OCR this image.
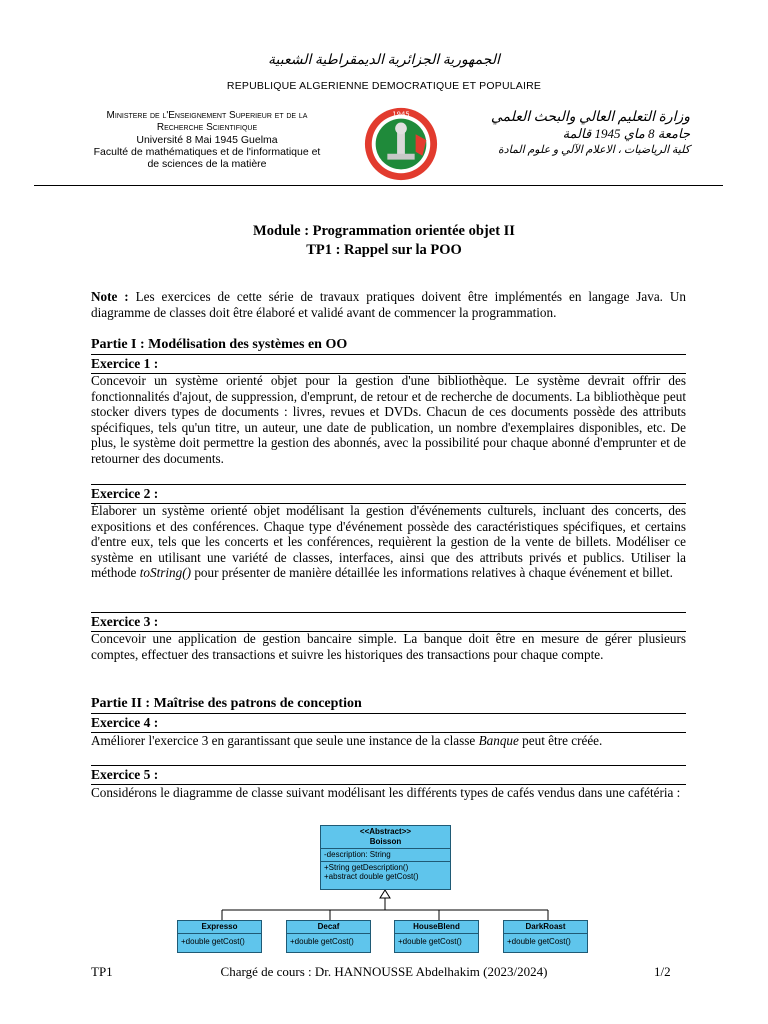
الجمهورية الجزائرية الديمقراطية الشعبية
REPUBLIQUE ALGERIENNE DEMOCRATIQUE ET POPULAIRE
Ministere de l'Enseignement Superieur et de la
Recherche Scientifique
Université 8 Mai 1945 Guelma
Faculté de mathématiques et de l'informatique et
de sciences de la matière
1945	وزارة التعليم العالي والبحث العلمي
جامعة 8 ماي 1945 قالمة
كلية الرياضيات ، الاعلام الآلي و علوم المادة
Module : Programmation orientée objet II
TP1 : Rappel sur la POO
Note : Les exercices de cette série de travaux pratiques doivent être implémentés en langage Java. Un diagramme de classes doit être élaboré et validé avant de commencer la programmation.
Partie I : Modélisation des systèmes en OO
Exercice 1 :
Concevoir un système orienté objet pour la gestion d'une bibliothèque. Le système devrait offrir des fonctionnalités d'ajout, de suppression, d'emprunt, de retour et de recherche de documents. La bibliothèque peut stocker divers types de documents : livres, revues et DVDs. Chacun de ces documents possède des attributs spécifiques, tels qu'un titre, un auteur, une date de publication, un nombre d'exemplaires disponibles, etc. De plus, le système doit permettre la gestion des abonnés, avec la possibilité pour chaque abonné d'emprunter et de retourner des documents.
Exercice 2 :
Élaborer un système orienté objet modélisant la gestion d'événements culturels, incluant des concerts, des expositions et des conférences. Chaque type d'événement possède des caractéristiques spécifiques, et certains d'entre eux, tels que les concerts et les conférences, requièrent la gestion de la vente de billets. Modéliser ce système en utilisant une variété de classes, interfaces, ainsi que des attributs privés et publics. Utiliser la méthode toString() pour présenter de manière détaillée les informations relatives à chaque événement et billet.
Exercice 3 :
Concevoir une application de gestion bancaire simple. La banque doit être en mesure de gérer plusieurs comptes, effectuer des transactions et suivre les historiques des transactions pour chaque compte.
Partie II : Maîtrise des patrons de conception
Exercice 4 :
Améliorer l'exercice 3 en garantissant que seule une instance de la classe Banque peut être créée.
Exercice 5 :
Considérons le diagramme de classe suivant modélisant les différents types de cafés vendus dans une cafétéria :
<<Abstract>>
Boisson
-description: String
+String getDescription()
+abstract double getCost()
Expresso
+double getCost()
Decaf
+double getCost()
HouseBlend
+double getCost()
DarkRoast
+double getCost()
TP1	Chargé de cours : Dr. HANNOUSSE Abdelhakim (2023/2024)	1/2
